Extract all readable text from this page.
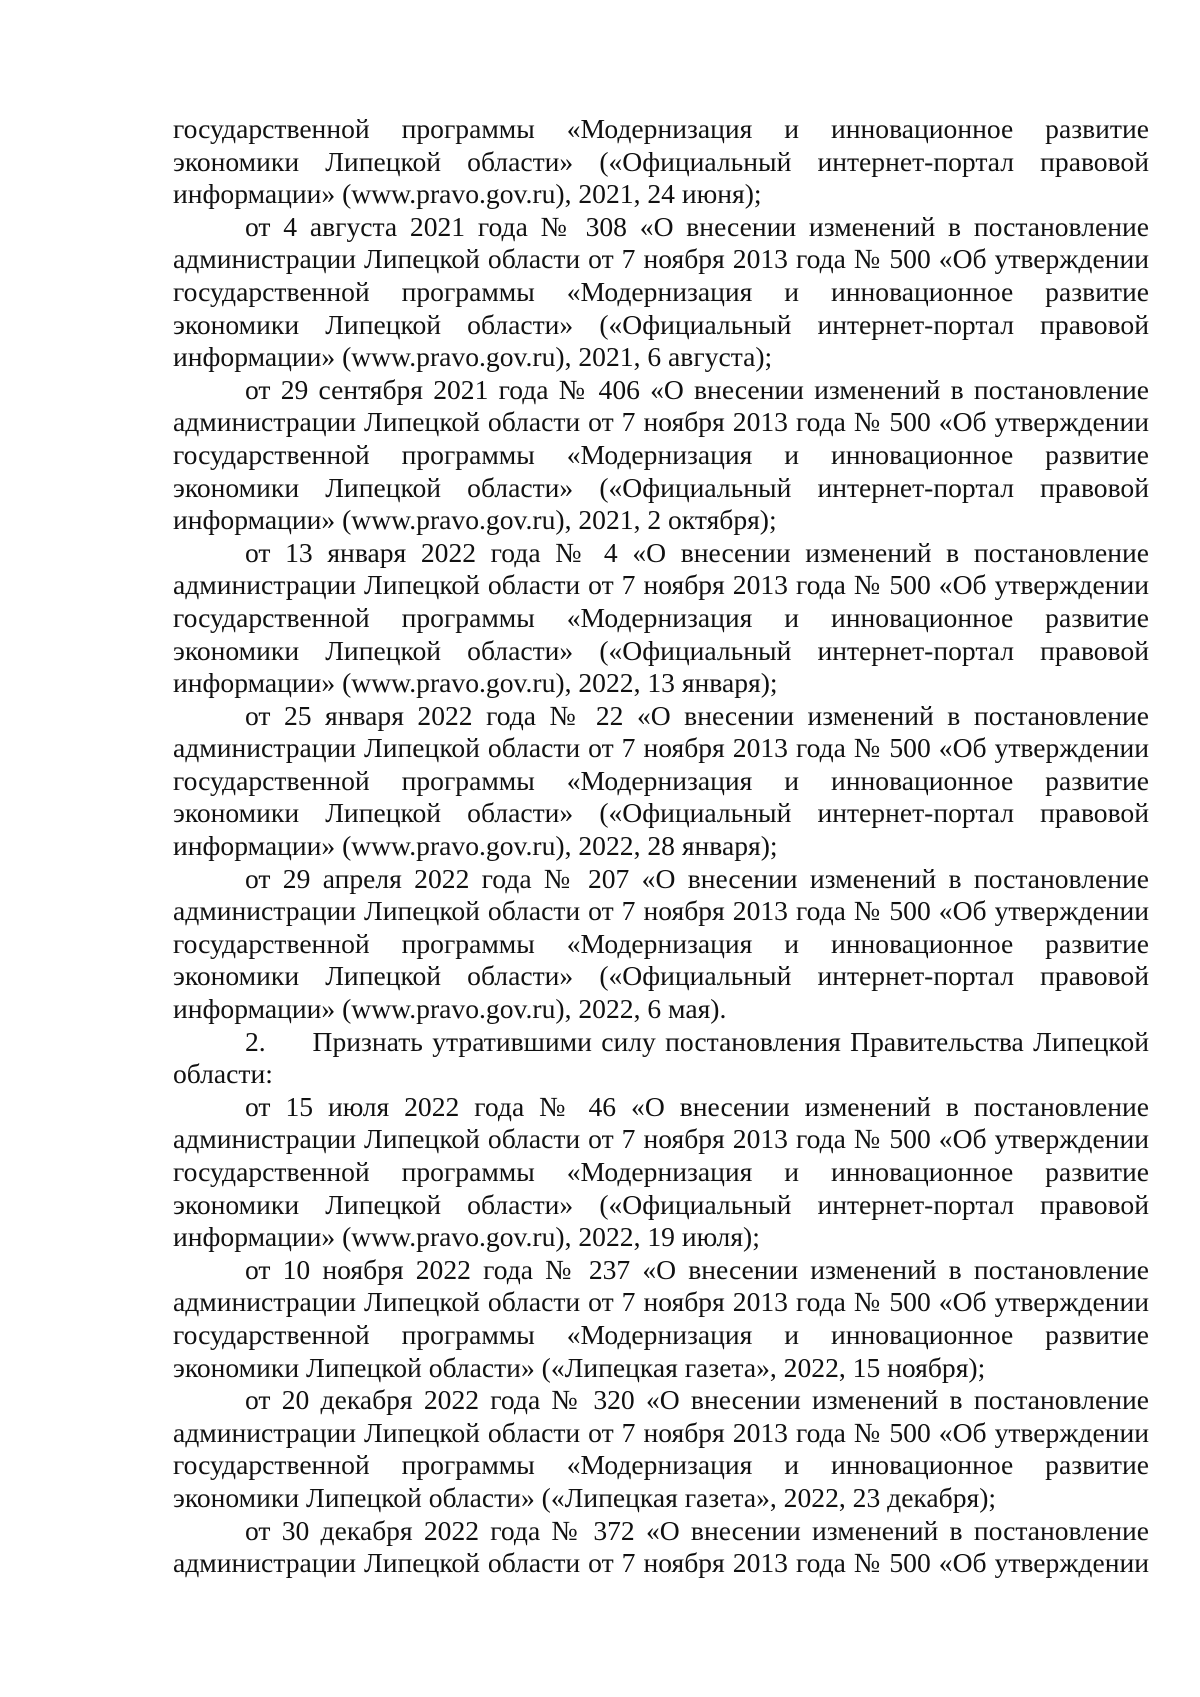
государственной программы «Модернизация и инновационное развитие экономики Липецкой области» («Официальный интернет-портал правовой информации» (www.pravo.gov.ru), 2021, 24 июня);

от 4 августа 2021 года № 308 «О внесении изменений в постановление администрации Липецкой области от 7 ноября 2013 года № 500 «Об утверждении государственной программы «Модернизация и инновационное развитие экономики Липецкой области» («Официальный интернет-портал правовой информации» (www.pravo.gov.ru), 2021, 6 августа);

от 29 сентября 2021 года № 406 «О внесении изменений в постановление администрации Липецкой области от 7 ноября 2013 года № 500 «Об утверждении государственной программы «Модернизация и инновационное развитие экономики Липецкой области» («Официальный интернет-портал правовой информации» (www.pravo.gov.ru), 2021, 2 октября);

от 13 января 2022 года № 4 «О внесении изменений в постановление администрации Липецкой области от 7 ноября 2013 года № 500 «Об утверждении государственной программы «Модернизация и инновационное развитие экономики Липецкой области» («Официальный интернет-портал правовой информации» (www.pravo.gov.ru), 2022, 13 января);

от 25 января 2022 года № 22 «О внесении изменений в постановление администрации Липецкой области от 7 ноября 2013 года № 500 «Об утверждении государственной программы «Модернизация и инновационное развитие экономики Липецкой области» («Официальный интернет-портал правовой информации» (www.pravo.gov.ru), 2022, 28 января);

от 29 апреля 2022 года № 207 «О внесении изменений в постановление администрации Липецкой области от 7 ноября 2013 года № 500 «Об утверждении государственной программы «Модернизация и инновационное развитие экономики Липецкой области» («Официальный интернет-портал правовой информации» (www.pravo.gov.ru), 2022, 6 мая).

2.     Признать утратившими силу постановления Правительства Липецкой области:

от 15 июля 2022 года № 46 «О внесении изменений в постановление администрации Липецкой области от 7 ноября 2013 года № 500 «Об утверждении государственной программы «Модернизация и инновационное развитие экономики Липецкой области» («Официальный интернет-портал правовой информации» (www.pravo.gov.ru), 2022, 19 июля);

от 10 ноября 2022 года № 237 «О внесении изменений в постановление администрации Липецкой области от 7 ноября 2013 года № 500 «Об утверждении государственной программы «Модернизация и инновационное развитие экономики Липецкой области» («Липецкая газета», 2022, 15 ноября);

от 20 декабря 2022 года № 320 «О внесении изменений в постановление администрации Липецкой области от 7 ноября 2013 года № 500 «Об утверждении государственной программы «Модернизация и инновационное развитие экономики Липецкой области» («Липецкая газета», 2022, 23 декабря);

от 30 декабря 2022 года № 372 «О внесении изменений в постановление администрации Липецкой области от 7 ноября 2013 года № 500 «Об утверждении
